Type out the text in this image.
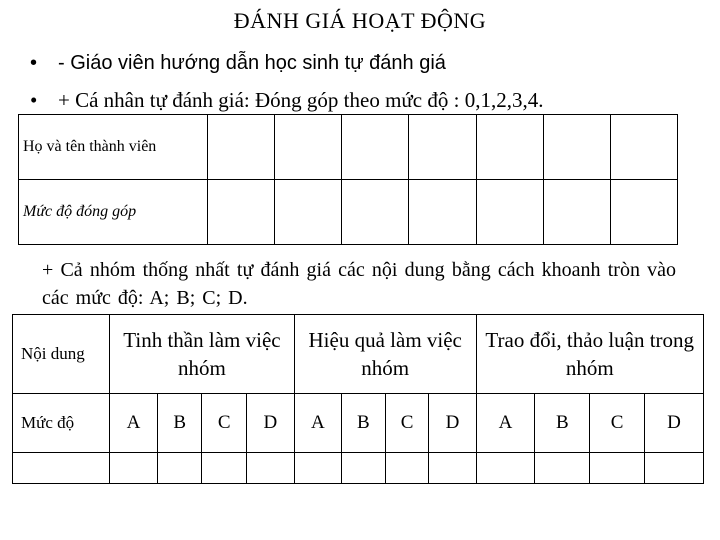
ĐÁNH GIÁ HOẠT ĐỘNG
• - Giáo viên hướng dẫn học sinh tự đánh giá
• + Cá nhân tự đánh giá: Đóng góp theo mức độ : 0,1,2,3,4.
Họ và tên thành viên							
Mức độ đóng góp							
+ Cả nhóm thống nhất tự đánh giá các nội dung bằng cách khoanh tròn vào các mức độ: A; B; C; D.
Nội dung	Tinh thần làm việc nhóm				Hiệu quả làm việc nhóm				Trao đổi, thảo luận trong nhóm			
Mức độ	A	B	C	D	A	B	C	D	A	B	C	D
